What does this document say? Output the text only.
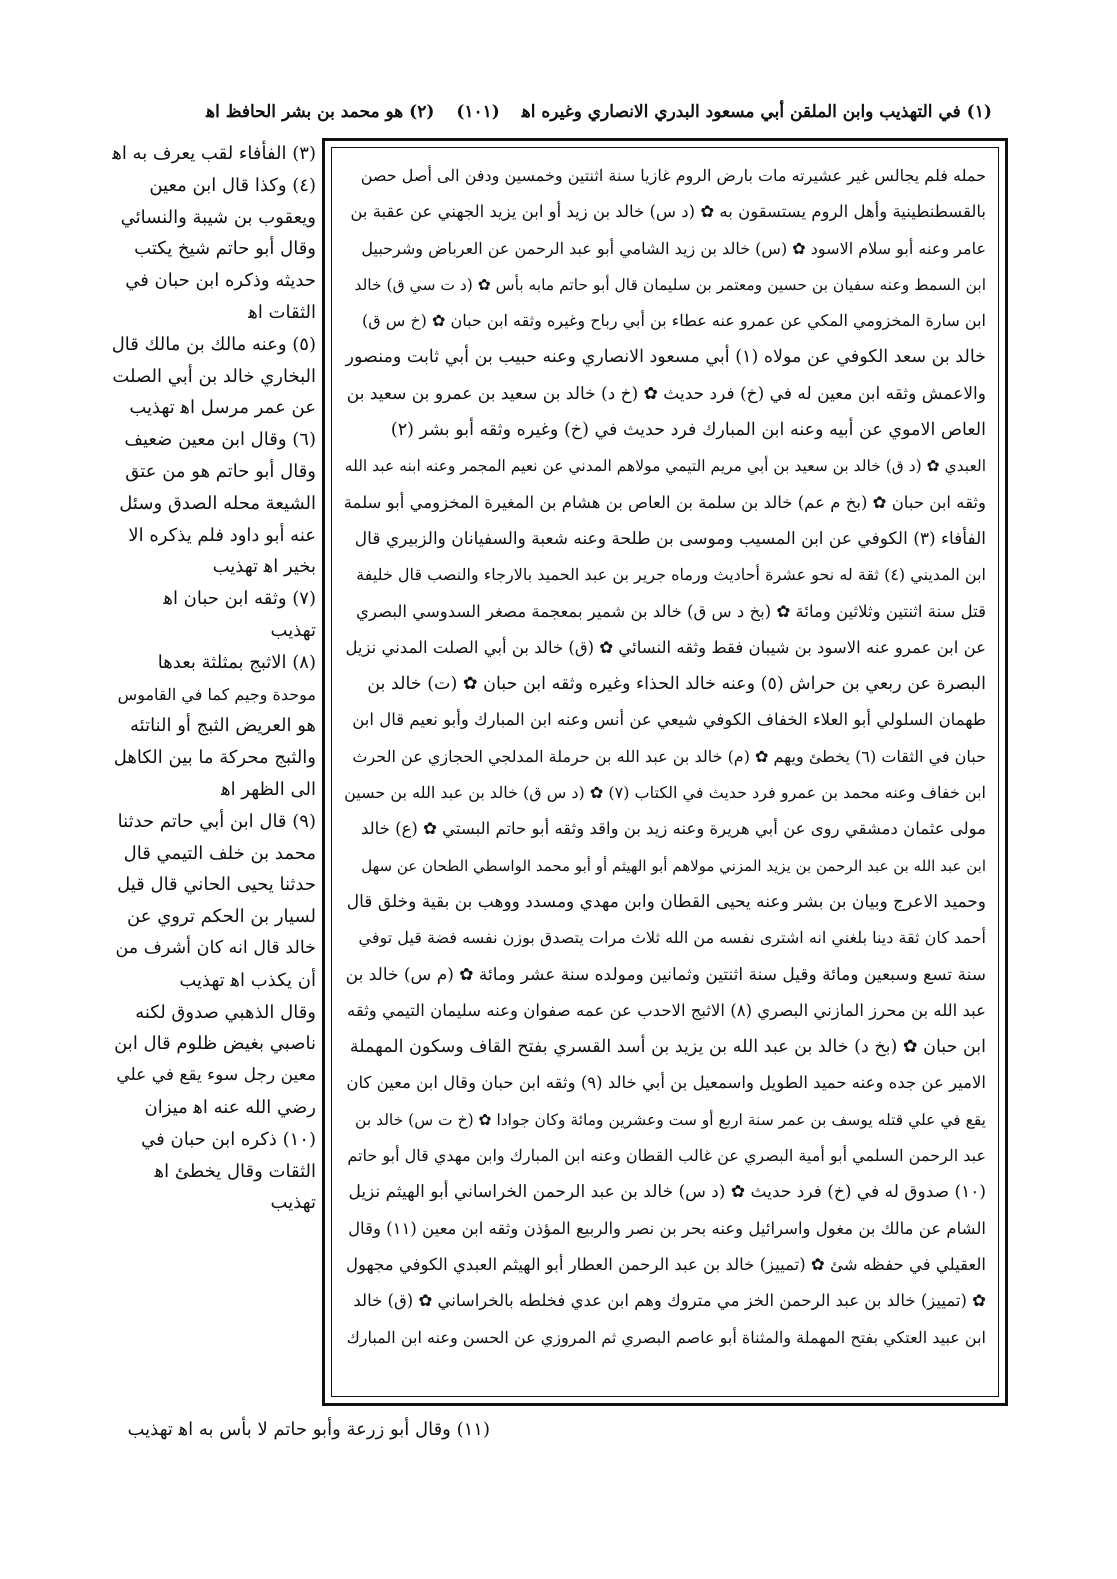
(١) في التهذيب وابن الملقن أبي مسعود البدري الانصاري وغيره اﻫ (١٠١) (٢) هو محمد بن بشر الحافظ اﻫ
(٣) الفأفاء لقب يعرف به اﻫ
(٤) وكذا قال ابن معين
ويعقوب بن شيبة والنسائي
وقال أبو حاتم شيخ يكتب
حديثه وذكره ابن حبان في
الثقات اﻫ
(٥) وعنه مالك بن مالك قال
البخاري خالد بن أبي الصلت
عن عمر مرسل اﻫ تهذيب
(٦) وقال ابن معين ضعيف
وقال أبو حاتم هو من عتق
الشيعة محله الصدق وسئل
عنه أبو داود فلم يذكره الا
بخير اﻫ تهذيب
(٧) وثقه ابن حبان اﻫ
تهذيب
(٨) الاثبج بمثلثة بعدها
موحدة وجيم كما في القاموس
هو العريض الثبج أو الناتئه
والثبج محركة ما بين الكاهل
الى الظهر اﻫ
(٩) قال ابن أبي حاتم حدثنا
محمد بن خلف التيمي قال
حدثنا يحيى الحاني قال قيل
لسيار بن الحكم تروي عن
خالد قال انه كان أشرف من
أن يكذب اﻫ تهذيب
وقال الذهبي صدوق لكنه
ناصبي بغيض ظلوم قال ابن
معين رجل سوء يقع في علي
رضي الله عنه اﻫ ميزان
(١٠) ذكره ابن حبان في
الثقات وقال يخطئ اﻫ
تهذيب
حمله فلم يجالس غير عشيرته مات بارض الروم غازيا سنة اثنتين وخمسين ودفن الى أصل حصن
بالقسطنطينية وأهل الروم يستسقون به ✿ (د س) خالد بن زيد أو ابن يزيد الجهني عن عقبة بن
عامر وعنه أبو سلام الاسود ✿ (س) خالد بن زيد الشامي أبو عبد الرحمن عن العرباض وشرحبيل
ابن السمط وعنه سفيان بن حسين ومعتمر بن سليمان قال أبو حاتم مابه بأس ✿ (د ت سي ق) خالد
ابن سارة المخزومي المكي عن عمرو عنه عطاء بن أبي رباح وغيره وثقه ابن حبان ✿ (خ س ق)
خالد بن سعد الكوفي عن مولاه (١) أبي مسعود الانصاري وعنه حبيب بن أبي ثابت ومنصور
والاعمش وثقه ابن معين له في (خ) فرد حديث ✿ (خ د) خالد بن سعيد بن عمرو بن سعيد بن
العاص الاموي عن أبيه وعنه ابن المبارك فرد حديث في (خ) وغيره وثقه أبو بشر (٢)
العبدي ✿ (د ق) خالد بن سعيد بن أبي مريم التيمي مولاهم المدني عن نعيم المجمر وعنه ابنه عبد الله
وثقه ابن حبان ✿ (بخ م عم) خالد بن سلمة بن العاص بن هشام بن المغيرة المخزومي أبو سلمة
الفأفاء (٣) الكوفي عن ابن المسيب وموسى بن طلحة وعنه شعبة والسفيانان والزبيري قال
ابن المديني (٤) ثقة له نحو عشرة أحاديث ورماه جرير بن عبد الحميد بالارجاء والنصب قال خليفة
قتل سنة اثنتين وثلاثين ومائة ✿ (بخ د س ق) خالد بن شمير بمعجمة مصغر السدوسي البصري
عن ابن عمرو عنه الاسود بن شيبان فقط وثقه النسائي ✿ (ق) خالد بن أبي الصلت المدني نزيل
البصرة عن ربعي بن حراش (٥) وعنه خالد الحذاء وغيره وثقه ابن حبان ✿ (ت) خالد بن
طهمان السلولي أبو العلاء الخفاف الكوفي شيعي عن أنس وعنه ابن المبارك وأبو نعيم قال ابن
حبان في الثقات (٦) يخطئ ويهم ✿ (م) خالد بن عبد الله بن حرملة المدلجي الحجازي عن الحرث
ابن خفاف وعنه محمد بن عمرو فرد حديث في الكتاب (٧) ✿ (د س ق) خالد بن عبد الله بن حسين
مولى عثمان دمشقي روى عن أبي هريرة وعنه زيد بن واقد وثقه أبو حاتم البستي ✿ (ع) خالد
ابن عبد الله بن عبد الرحمن بن يزيد المزني مولاهم أبو الهيثم أو أبو محمد الواسطي الطحان عن سهل
وحميد الاعرج وبيان بن بشر وعنه يحيى القطان وابن مهدي ومسدد ووهب بن بقية وخلق قال
أحمد كان ثقة دينا بلغني انه اشترى نفسه من الله ثلاث مرات يتصدق بوزن نفسه فضة قيل توفي
سنة تسع وسبعين ومائة وقيل سنة اثنتين وثمانين ومولده سنة عشر ومائة ✿ (م س) خالد بن
عبد الله بن محرز المازني البصري (٨) الاثبج الاحدب عن عمه صفوان وعنه سليمان التيمي وثقه
ابن حبان ✿ (بخ د) خالد بن عبد الله بن يزيد بن أسد القسري بفتح القاف وسكون المهملة
الامير عن جده وعنه حميد الطويل واسمعيل بن أبي خالد (٩) وثقه ابن حبان وقال ابن معين كان
يقع في علي قتله يوسف بن عمر سنة اربع أو ست وعشرين ومائة وكان جوادا ✿ (خ ت س) خالد بن
عبد الرحمن السلمي أبو أمية البصري عن غالب القطان وعنه ابن المبارك وابن مهدي قال أبو حاتم
(١٠) صدوق له في (خ) فرد حديث ✿ (د س) خالد بن عبد الرحمن الخراساني أبو الهيثم نزيل
الشام عن مالك بن مغول واسرائيل وعنه بحر بن نصر والربيع المؤذن وثقه ابن معين (١١) وقال
العقيلي في حفظه شئ ✿ (تمييز) خالد بن عبد الرحمن العطار أبو الهيثم العبدي الكوفي مجهول
✿ (تمييز) خالد بن عبد الرحمن الخز مي متروك وهم ابن عدي فخلطه بالخراساني ✿ (ق) خالد
ابن عبيد العتكي بفتح المهملة والمثناة أبو عاصم البصري ثم المروزي عن الحسن وعنه ابن المبارك
(١١) وقال أبو زرعة وأبو حاتم لا بأس به اﻫ تهذيب
